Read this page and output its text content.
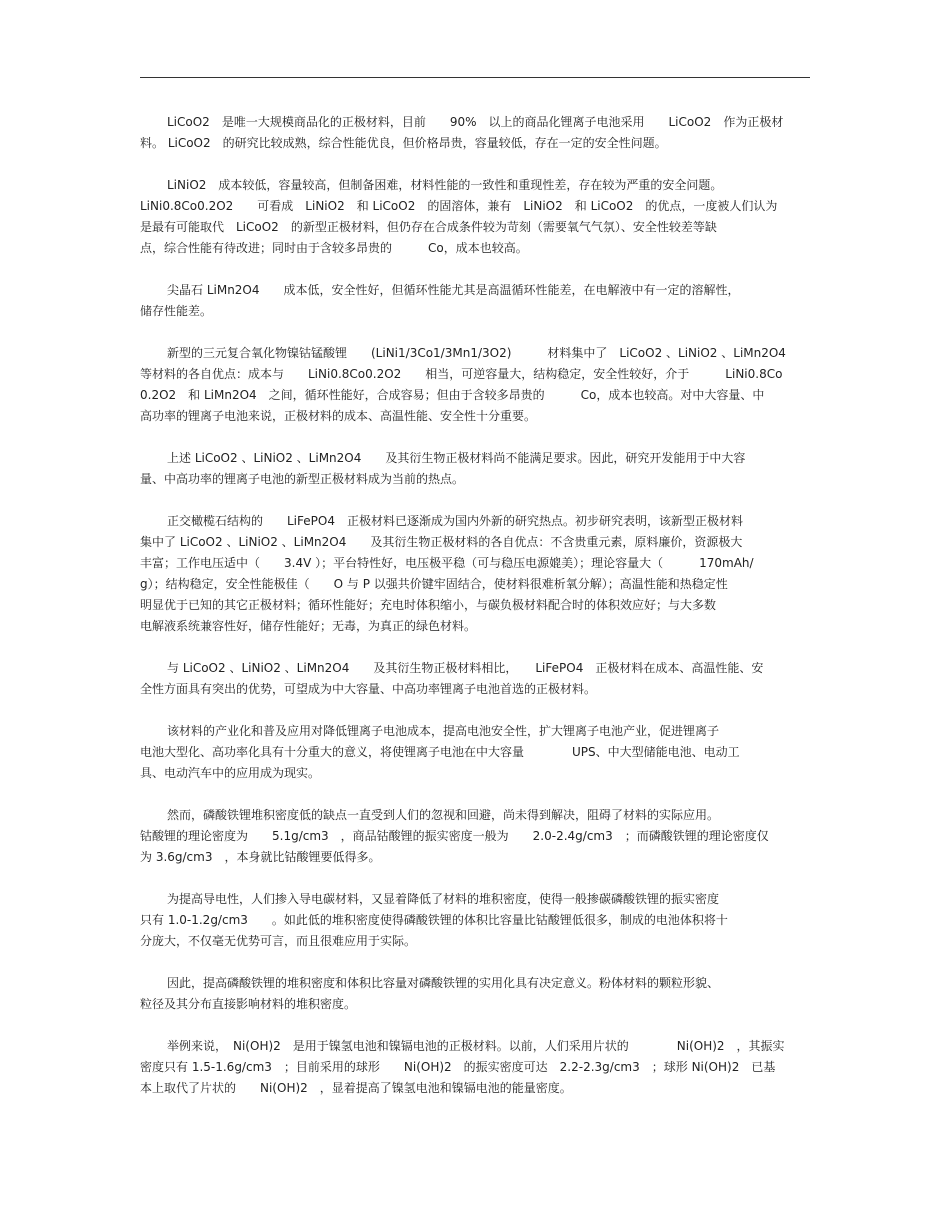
LiCoO2　是唯一大规模商品化的正极材料，目前　　90%　以上的商品化锂离子电池采用　　LiCoO2　作为正极材
料。 LiCoO2　的研究比较成熟，综合性能优良，但价格昂贵，容量较低，存在一定的安全性问题。
LiNiO2　成本较低，容量较高，但制备困难，材料性能的一致性和重现性差，存在较为严重的安全问题。
LiNi0.8Co0.2O2　　可看成　LiNiO2　和 LiCoO2　的固溶体，兼有　LiNiO2　和 LiCoO2　的优点，一度被人们认为
是最有可能取代　LiCoO2　的新型正极材料，但仍存在合成条件较为苛刻（需要氧气气氛）、安全性较差等缺
点，综合性能有待改进；同时由于含较多昂贵的　　　Co，成本也较高。
尖晶石 LiMn2O4　　成本低，安全性好，但循环性能尤其是高温循环性能差，在电解液中有一定的溶解性，
储存性能差。
新型的三元复合氧化物镍钴锰酸锂　　(LiNi1/3Co1/3Mn1/3O2)　　　材料集中了　LiCoO2 、LiNiO2 、LiMn2O4
等材料的各自优点：成本与　　LiNi0.8Co0.2O2　　相当，可逆容量大，结构稳定，安全性较好，介于　　　LiNi0.8Co
0.2O2　和 LiMn2O4　之间，循环性能好，合成容易；但由于含较多昂贵的　　　Co，成本也较高。对中大容量、中
高功率的锂离子电池来说，正极材料的成本、高温性能、安全性十分重要。
上述 LiCoO2 、LiNiO2 、LiMn2O4　　及其衍生物正极材料尚不能满足要求。因此，研究开发能用于中大容
量、中高功率的锂离子电池的新型正极材料成为当前的热点。
正交橄榄石结构的　　LiFePO4　正极材料已逐渐成为国内外新的研究热点。初步研究表明，该新型正极材料
集中了 LiCoO2 、LiNiO2 、LiMn2O4　　及其衍生物正极材料的各自优点：不含贵重元素，原料廉价，资源极大
丰富；工作电压适中（　　3.4V ）；平台特性好，电压极平稳（可与稳压电源媲美）；理论容量大（　　　170mAh/
g）；结构稳定，安全性能极佳（　　O 与 P 以强共价键牢固结合，使材料很难析氧分解）；高温性能和热稳定性
明显优于已知的其它正极材料；循环性能好；充电时体积缩小，与碳负极材料配合时的体积效应好；与大多数
电解液系统兼容性好，储存性能好；无毒，为真正的绿色材料。
与 LiCoO2 、LiNiO2 、LiMn2O4　　及其衍生物正极材料相比，　　LiFePO4　正极材料在成本、高温性能、安
全性方面具有突出的优势，可望成为中大容量、中高功率锂离子电池首选的正极材料。
该材料的产业化和普及应用对降低锂离子电池成本，提高电池安全性，扩大锂离子电池产业，促进锂离子
电池大型化、高功率化具有十分重大的意义，将使锂离子电池在中大容量　　　　UPS、中大型储能电池、电动工
具、电动汽车中的应用成为现实。
然而，磷酸铁锂堆积密度低的缺点一直受到人们的忽视和回避，尚未得到解决，阻碍了材料的实际应用。
钴酸锂的理论密度为　　5.1g/cm3　，商品钴酸锂的振实密度一般为　　2.0-2.4g/cm3　；而磷酸铁锂的理论密度仅
为 3.6g/cm3　，本身就比钴酸锂要低得多。
为提高导电性，人们掺入导电碳材料，又显着降低了材料的堆积密度，使得一般掺碳磷酸铁锂的振实密度
只有 1.0-1.2g/cm3　　。如此低的堆积密度使得磷酸铁锂的体积比容量比钴酸锂低很多，制成的电池体积将十
分庞大，不仅毫无优势可言，而且很难应用于实际。
因此，提高磷酸铁锂的堆积密度和体积比容量对磷酸铁锂的实用化具有决定意义。粉体材料的颗粒形貌、
粒径及其分布直接影响材料的堆积密度。
举例来说，　Ni(OH)2　是用于镍氢电池和镍镉电池的正极材料。以前，人们采用片状的　　　　Ni(OH)2　，其振实
密度只有 1.5-1.6g/cm3　；目前采用的球形　　Ni(OH)2　的振实密度可达　2.2-2.3g/cm3　；球形 Ni(OH)2　已基
本上取代了片状的　　Ni(OH)2　，显着提高了镍氢电池和镍镉电池的能量密度。
